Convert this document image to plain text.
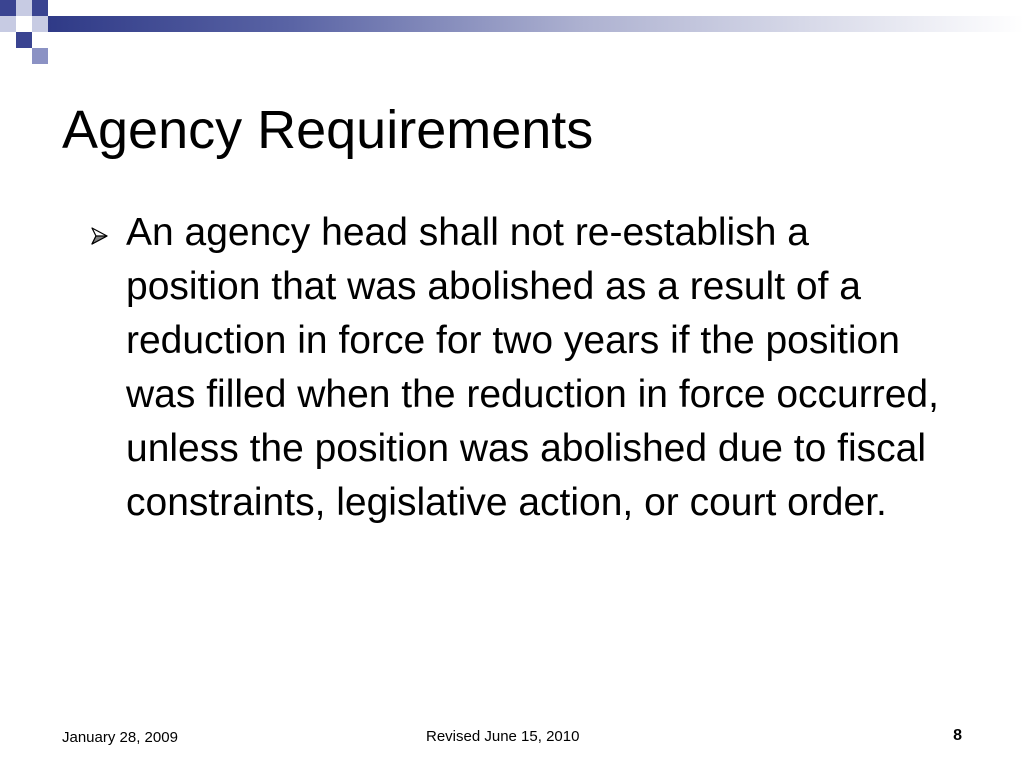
Agency Requirements

An agency head shall not re-establish a position that was abolished as a result of a reduction in force for two years if the position was filled when the reduction in force occurred, unless the position was abolished due to fiscal constraints, legislative action, or court order.

January 28, 2009	Revised June 15, 2010	8
